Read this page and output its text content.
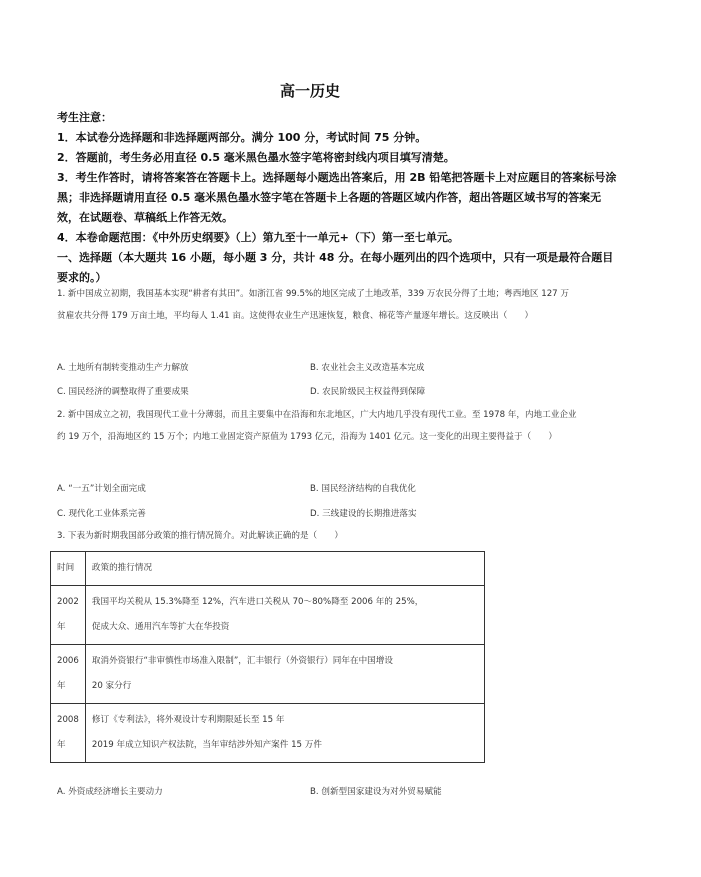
高一历史
考生注意：
1．本试卷分选择题和非选择题两部分。满分 100 分，考试时间 75 分钟。
2．答题前，考生务必用直径 0.5 毫米黑色墨水签字笔将密封线内项目填写清楚。
3．考生作答时，请将答案答在答题卡上。选择题每小题选出答案后，用 2B 铅笔把答题卡上对应题目的答案标号涂黑；非选择题请用直径 0.5 毫米黑色墨水签字笔在答题卡上各题的答题区域内作答，超出答题区域书写的答案无效，在试题卷、草稿纸上作答无效。
4．本卷命题范围：《中外历史纲要》（上）第九至十一单元+（下）第一至七单元。
一、选择题（本大题共 16 小题，每小题 3 分，共计 48 分。在每小题列出的四个选项中，只有一项是最符合题目要求的。）
1. 新中国成立初期，我国基本实现“耕者有其田”。如浙江省 99.5%的地区完成了土地改革，339 万农民分得了土地；粤西地区 127 万贫雇农共分得 179 万亩土地，平均每人 1.41 亩。这使得农业生产迅速恢复，粮食、棉花等产量逐年增长。这反映出（　　）
A. 土地所有制转变推动生产力解放	B. 农业社会主义改造基本完成
C. 国民经济的调整取得了重要成果	D. 农民阶级民主权益得到保障
2. 新中国成立之初，我国现代工业十分薄弱，而且主要集中在沿海和东北地区，广大内地几乎没有现代工业。至 1978 年，内地工业企业约 19 万个，沿海地区约 15 万个；内地工业固定资产原值为 1793 亿元，沿海为 1401 亿元。这一变化的出现主要得益于（　　）
A. “一五”计划全面完成	B. 国民经济结构的自我优化
C. 现代化工业体系完善	D. 三线建设的长期推进落实
3. 下表为新时期我国部分政策的推行情况简介。对此解读正确的是（　　）
时间	政策的推行情况
2002年	我国平均关税从 15.3%降至 12%，汽车进口关税从 70～80%降至 2006 年的 25%，
促成大众、通用汽车等扩大在华投资

2006年	取消外资银行“非审慎性市场准入限制”，汇丰银行（外资银行）同年在中国增设
20 家分行

2008年	修订《专利法》，将外观设计专利期限延长至 15 年
2019 年成立知识产权法院，当年审结涉外知产案件 15 万件
A. 外资成经济增长主要动力	B. 创新型国家建设为对外贸易赋能
